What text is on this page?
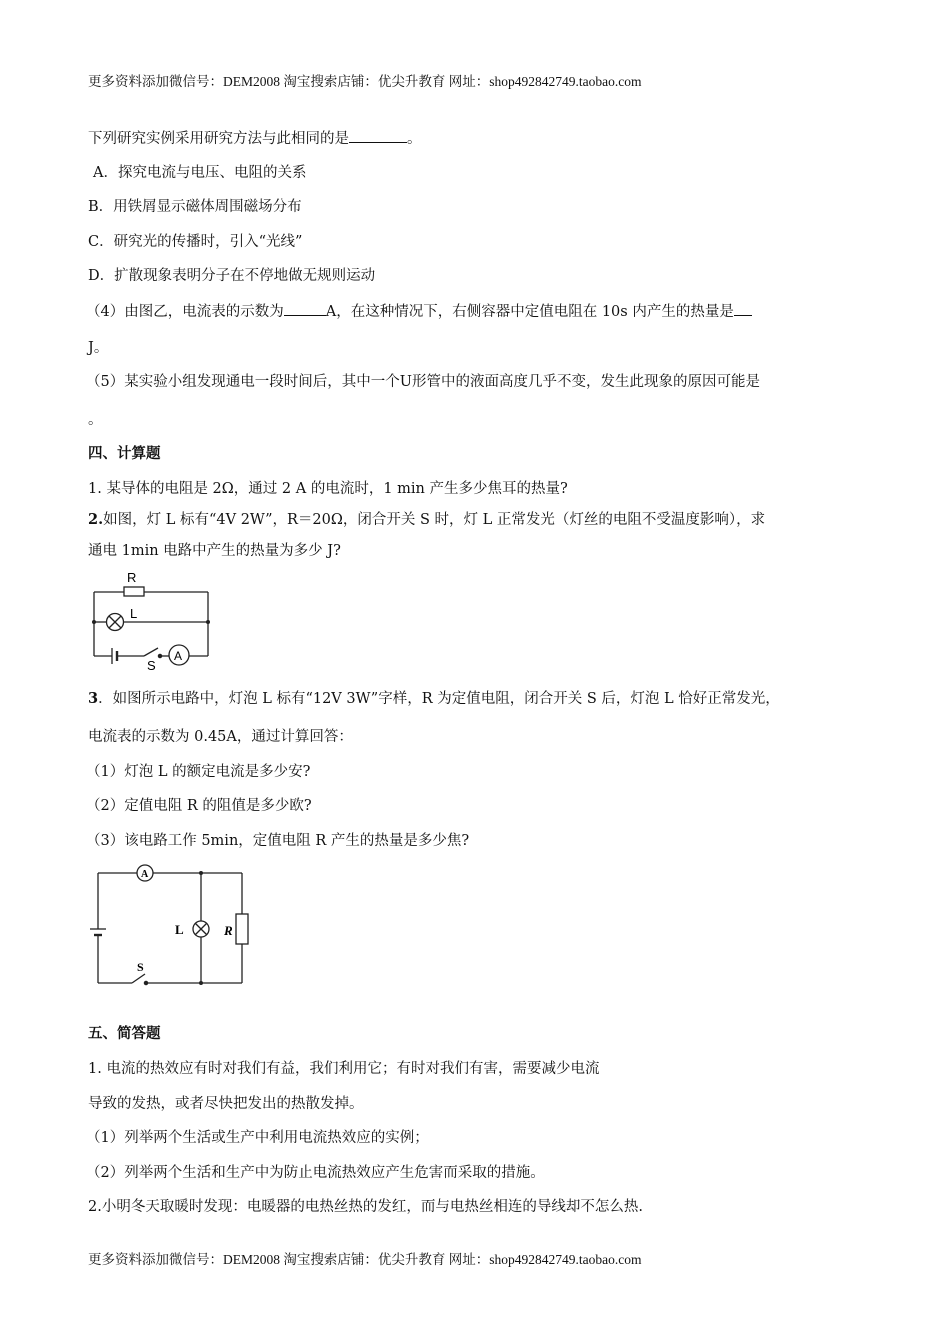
更多资料添加微信号：DEM2008 淘宝搜索店铺：优尖升教育 网址：shop492842749.taobao.com
下列研究实例采用研究方法与此相同的是	。
A．探究电流与电压、电阻的关系
B．用铁屑显示磁体周围磁场分布
C．研究光的传播时，引入“光线”
D．扩散现象表明分子在不停地做无规则运动
（4）由图乙，电流表的示数为	A，在这种情况下，右侧容器中定值电阻在 10s 内产生的热量是
J。
（5）某实验小组发现通电一段时间后，其中一个U形管中的液面高度几乎不变，发生此现象的原因可能是
。
四、计算题
1. 某导体的电阻是 2Ω，通过 2 A 的电流时，1 min 产生多少焦耳的热量?
2.如图，灯 L 标有“4V 2W”，R＝20Ω，闭合开关 S 时，灯 L 正常发光（灯丝的电阻不受温度影响），求
通电 1min 电路中产生的热量为多少 J?
R
L
S
A
3．如图所示电路中，灯泡 L 标有“12V 3W”字样，R 为定值电阻，闭合开关 S 后，灯泡 L 恰好正常发光，
电流表的示数为 0.45A，通过计算回答：
（1）灯泡 L 的额定电流是多少安?
（2）定值电阻 R 的阻值是多少欧?
（3）该电路工作 5min，定值电阻 R 产生的热量是多少焦?
A
L	R
S
五、简答题
1. 电流的热效应有时对我们有益，我们利用它；有时对我们有害，需要减少电流
导致的发热，或者尽快把发出的热散发掉。
（1）列举两个生活或生产中利用电流热效应的实例；
（2）列举两个生活和生产中为防止电流热效应产生危害而采取的措施。
2.小明冬天取暖时发现：电暖器的电热丝热的发红，而与电热丝相连的导线却不怎么热.
更多资料添加微信号：DEM2008 淘宝搜索店铺：优尖升教育 网址：shop492842749.taobao.com
